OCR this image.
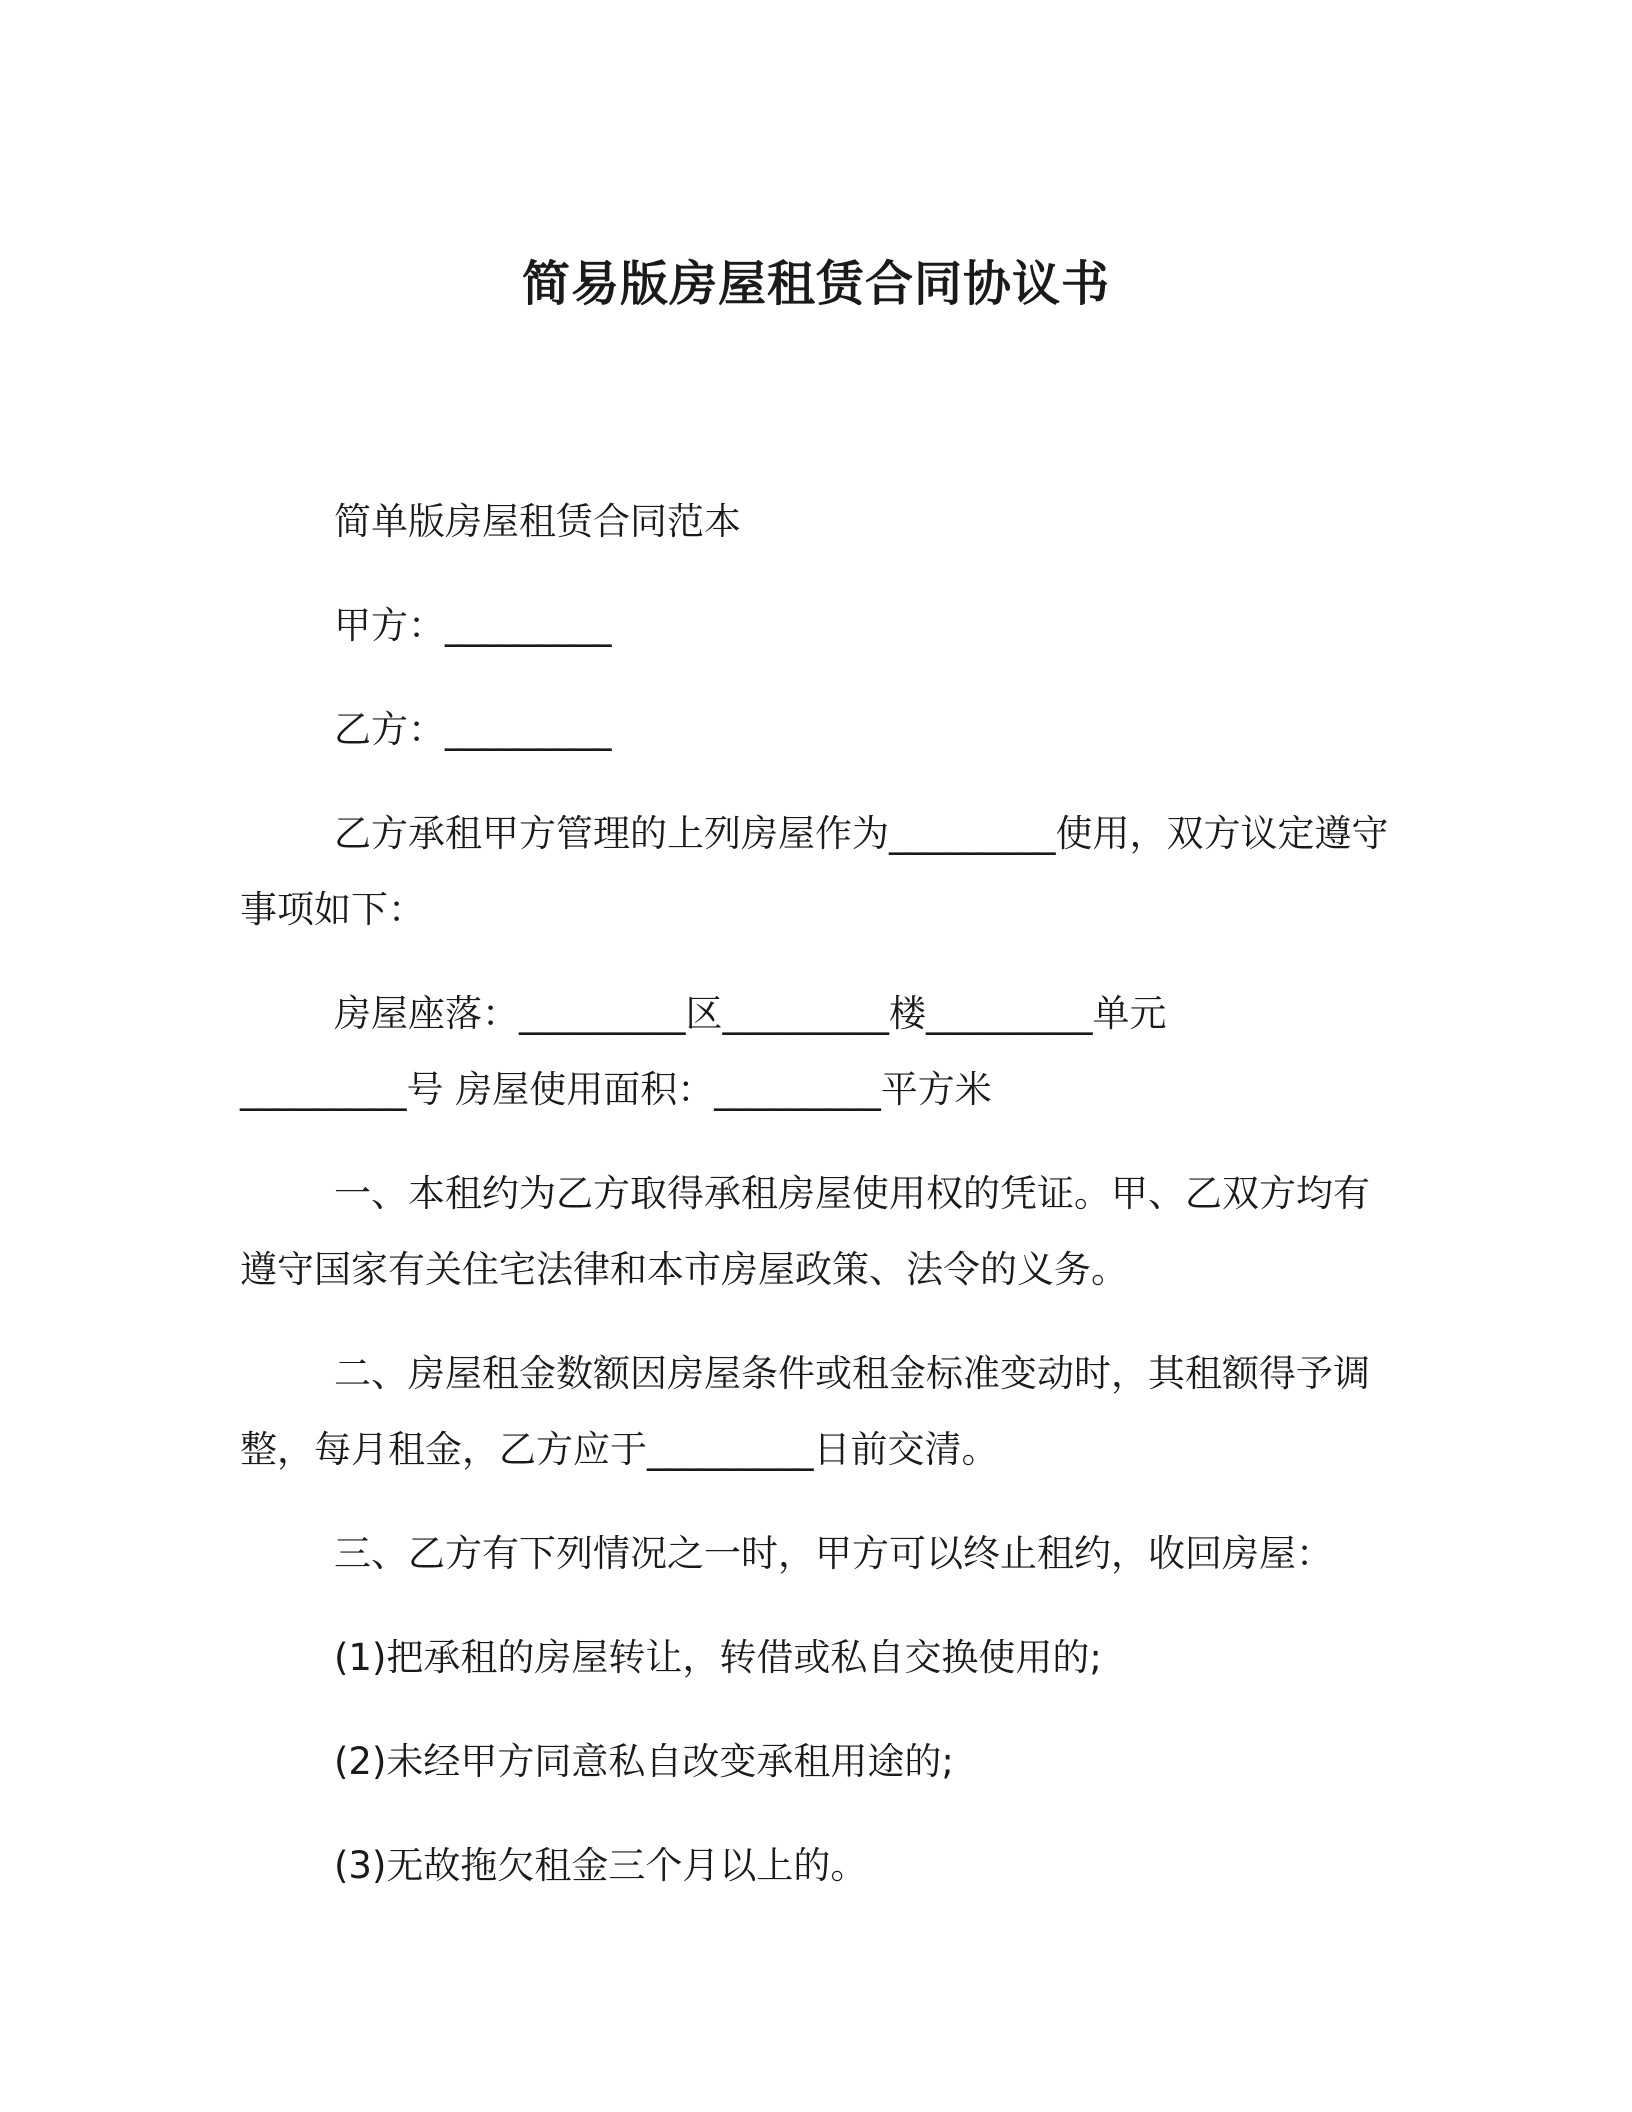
简易版房屋租赁合同协议书
简单版房屋租赁合同范本
甲方：_________
乙方：_________
乙方承租甲方管理的上列房屋作为_________使用，双方议定遵守事项如下：
房屋座落：_________区_________楼_________单元
_________号 房屋使用面积：_________平方米
一、本租约为乙方取得承租房屋使用权的凭证。甲、乙双方均有遵守国家有关住宅法律和本市房屋政策、法令的义务。
二、房屋租金数额因房屋条件或租金标准变动时，其租额得予调整，每月租金，乙方应于_________日前交清。
三、乙方有下列情况之一时，甲方可以终止租约，收回房屋：
(1)把承租的房屋转让，转借或私自交换使用的;
(2)未经甲方同意私自改变承租用途的;
(3)无故拖欠租金三个月以上的。
